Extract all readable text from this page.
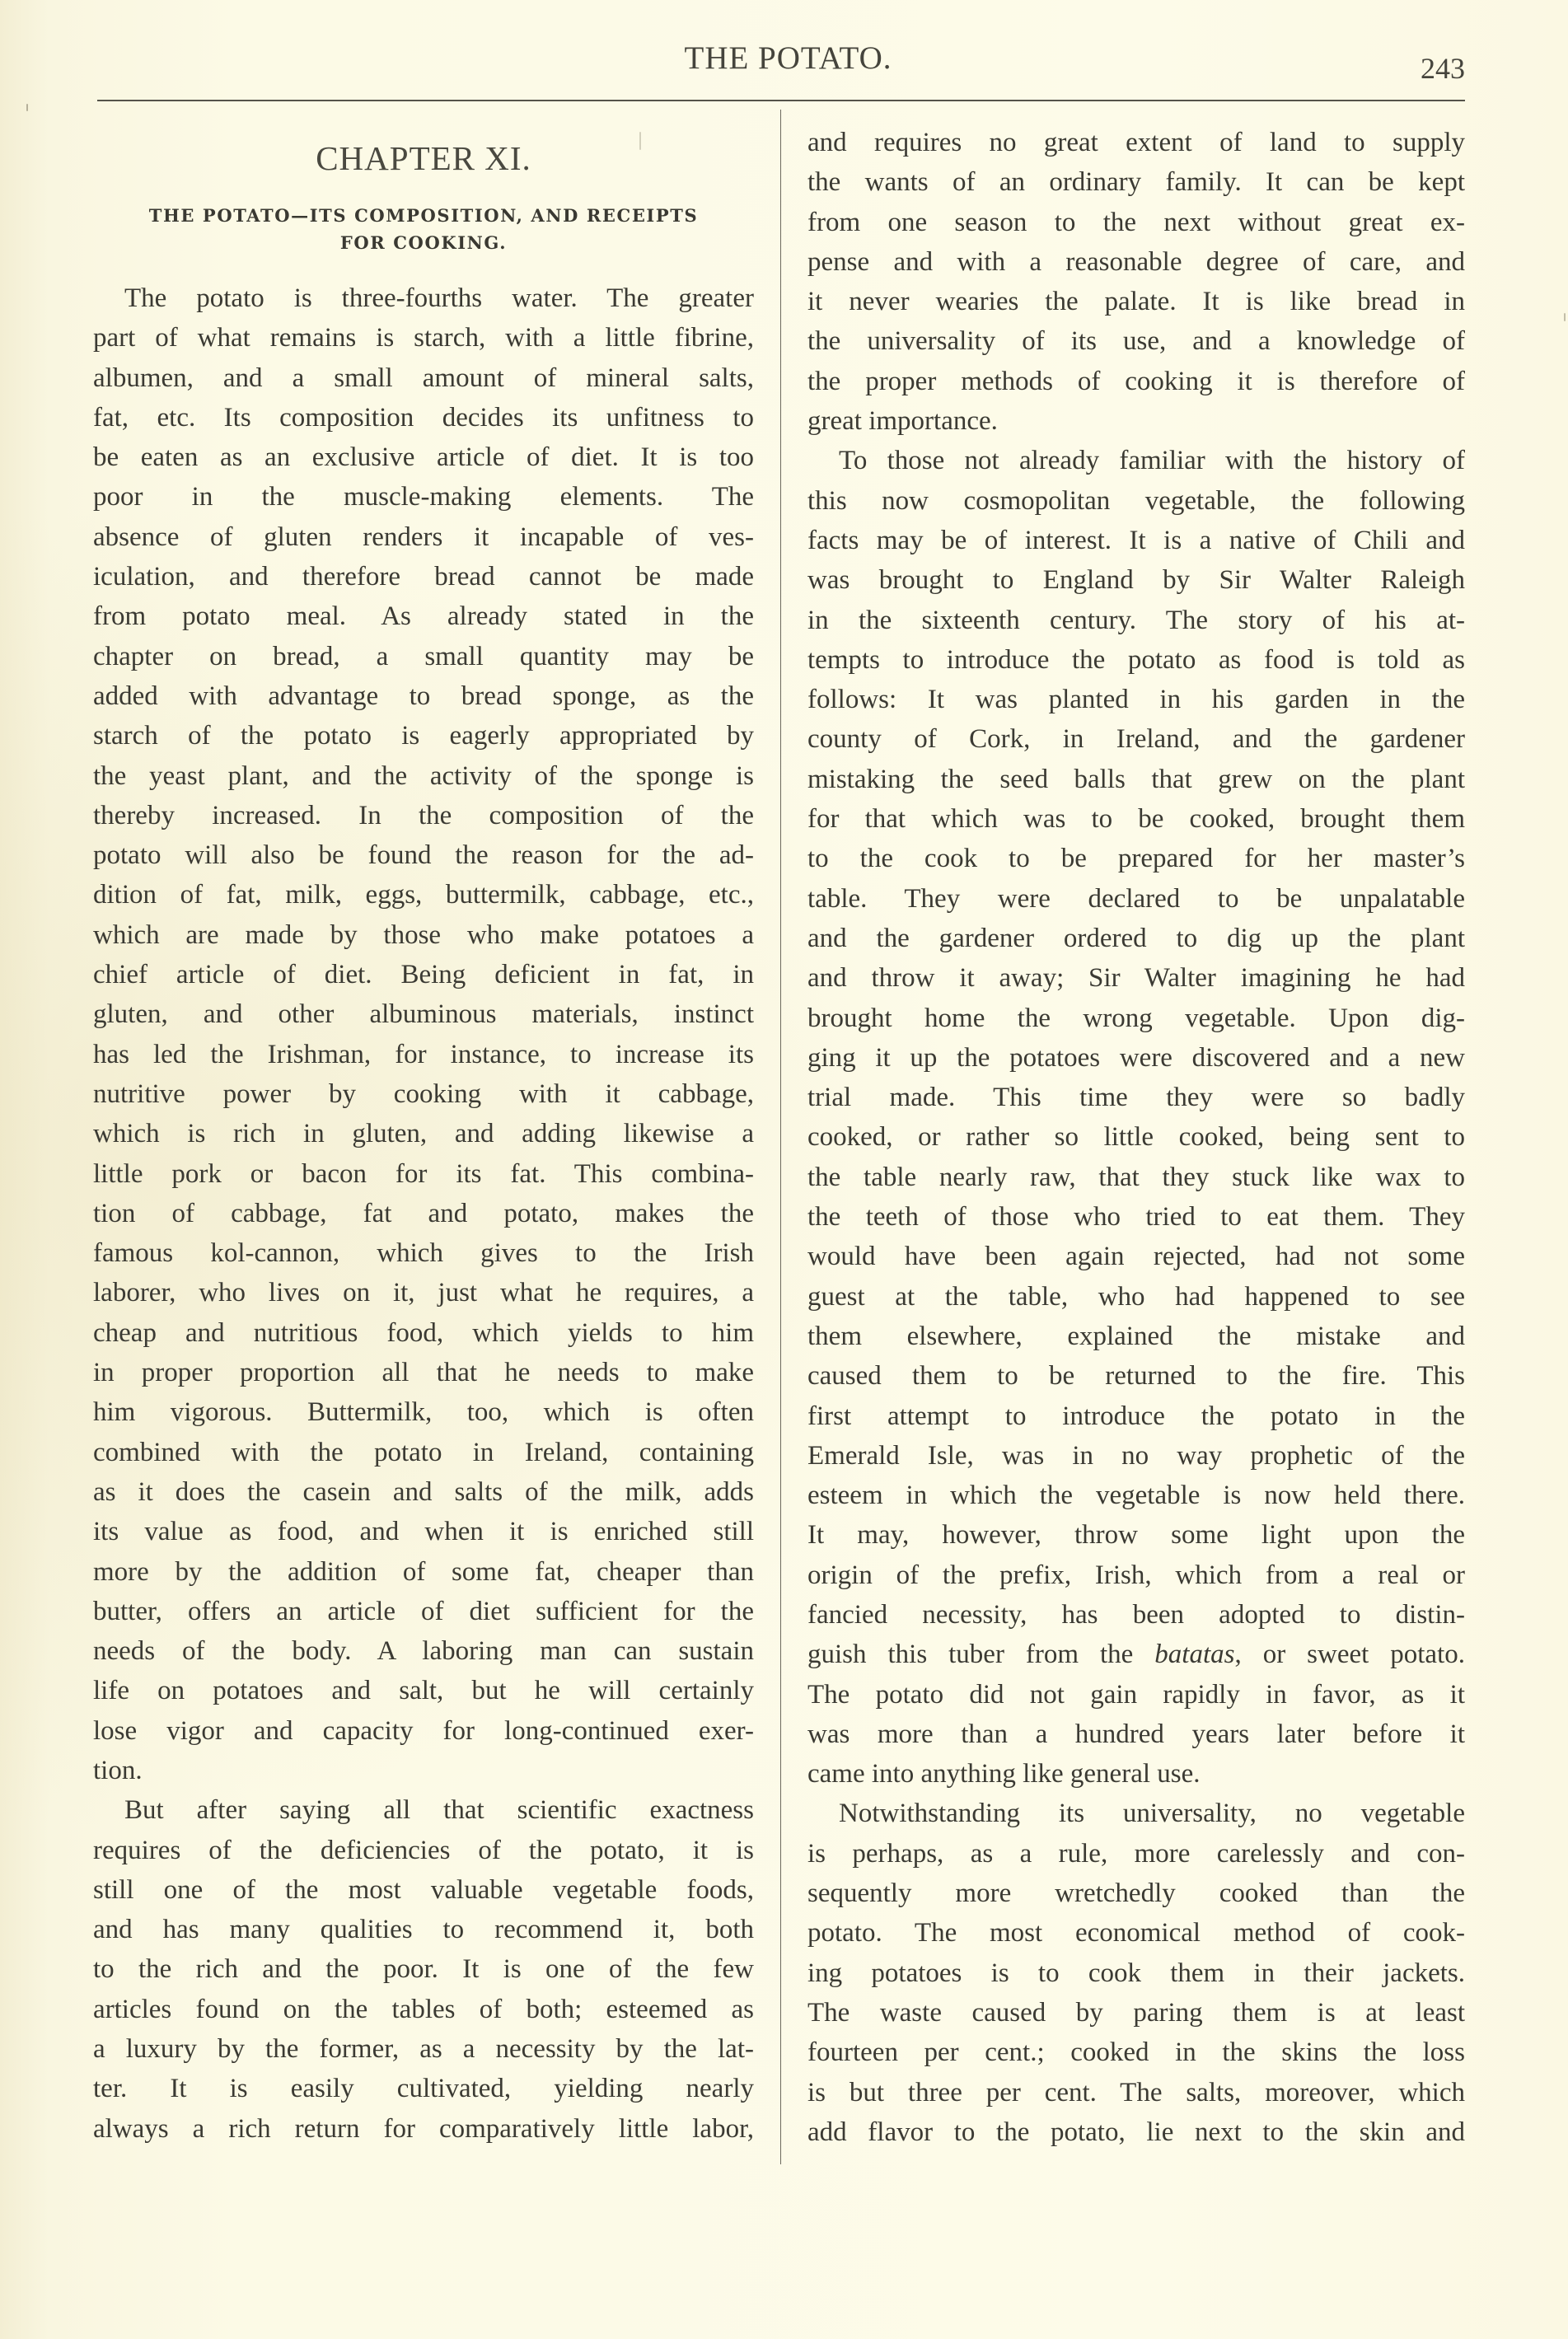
THE POTATO.	243
CHAPTER XI.
THE POTATO—ITS COMPOSITION, AND RECEIPTS
FOR COOKING.
The potato is three-fourths water. The greater
part of what remains is starch, with a little fibrine,
albumen, and a small amount of mineral salts,
fat, etc. Its composition decides its unfitness to
be eaten as an exclusive article of diet. It is too
poor in the muscle-making elements. The
absence of gluten renders it incapable of ves-
iculation, and therefore bread cannot be made
from potato meal. As already stated in the
chapter on bread, a small quantity may be
added with advantage to bread sponge, as the
starch of the potato is eagerly appropriated by
the yeast plant, and the activity of the sponge is
thereby increased. In the composition of the
potato will also be found the reason for the ad-
dition of fat, milk, eggs, buttermilk, cabbage, etc.,
which are made by those who make potatoes a
chief article of diet. Being deficient in fat, in
gluten, and other albuminous materials, instinct
has led the Irishman, for instance, to increase its
nutritive power by cooking with it cabbage,
which is rich in gluten, and adding likewise a
little pork or bacon for its fat. This combina-
tion of cabbage, fat and potato, makes the
famous kol-cannon, which gives to the Irish
laborer, who lives on it, just what he requires, a
cheap and nutritious food, which yields to him
in proper proportion all that he needs to make
him vigorous. Buttermilk, too, which is often
combined with the potato in Ireland, containing
as it does the casein and salts of the milk, adds
its value as food, and when it is enriched still
more by the addition of some fat, cheaper than
butter, offers an article of diet sufficient for the
needs of the body. A laboring man can sustain
life on potatoes and salt, but he will certainly
lose vigor and capacity for long-continued exer-
tion.
But after saying all that scientific exactness
requires of the deficiencies of the potato, it is
still one of the most valuable vegetable foods,
and has many qualities to recommend it, both
to the rich and the poor. It is one of the few
articles found on the tables of both; esteemed as
a luxury by the former, as a necessity by the lat-
ter. It is easily cultivated, yielding nearly
always a rich return for comparatively little labor,
and requires no great extent of land to supply
the wants of an ordinary family. It can be kept
from one season to the next without great ex-
pense and with a reasonable degree of care, and
it never wearies the palate. It is like bread in
the universality of its use, and a knowledge of
the proper methods of cooking it is therefore of
great importance.
To those not already familiar with the history of
this now cosmopolitan vegetable, the following
facts may be of interest. It is a native of Chili and
was brought to England by Sir Walter Raleigh
in the sixteenth century. The story of his at-
tempts to introduce the potato as food is told as
follows: It was planted in his garden in the
county of Cork, in Ireland, and the gardener
mistaking the seed balls that grew on the plant
for that which was to be cooked, brought them
to the cook to be prepared for her master’s
table. They were declared to be unpalatable
and the gardener ordered to dig up the plant
and throw it away; Sir Walter imagining he had
brought home the wrong vegetable. Upon dig-
ging it up the potatoes were discovered and a new
trial made. This time they were so badly
cooked, or rather so little cooked, being sent to
the table nearly raw, that they stuck like wax to
the teeth of those who tried to eat them. They
would have been again rejected, had not some
guest at the table, who had happened to see
them elsewhere, explained the mistake and
caused them to be returned to the fire. This
first attempt to introduce the potato in the
Emerald Isle, was in no way prophetic of the
esteem in which the vegetable is now held there.
It may, however, throw some light upon the
origin of the prefix, Irish, which from a real or
fancied necessity, has been adopted to distin-
guish this tuber from the batatas, or sweet potato.
The potato did not gain rapidly in favor, as it
was more than a hundred years later before it
came into anything like general use.
Notwithstanding its universality, no vegetable
is perhaps, as a rule, more carelessly and con-
sequently more wretchedly cooked than the
potato. The most economical method of cook-
ing potatoes is to cook them in their jackets.
The waste caused by paring them is at least
fourteen per cent.; cooked in the skins the loss
is but three per cent. The salts, moreover, which
add flavor to the potato, lie next to the skin and
